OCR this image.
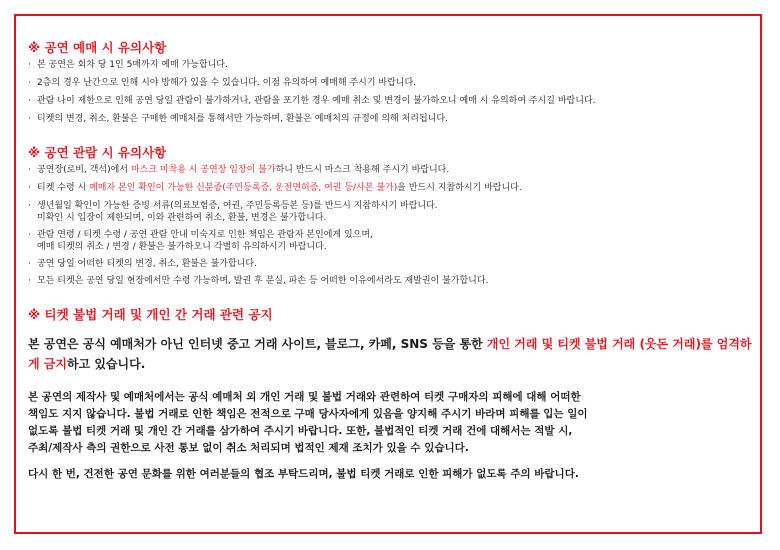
※ 공연 예매 시 유의사항

· 본 공연은 회차 당 1인 5매까지 예매 가능합니다.
· 2층의 경우 난간으로 인해 시야 방해가 있을 수 있습니다. 이점 유의하여 예매해 주시기 바랍니다.
· 관람 나이 제한으로 인해 공연 당일 관람이 불가하거나, 관람을 포기한 경우 예매 취소 및 변경이 불가하오니 예매 시 유의하여 주시길 바랍니다.
· 티켓의 변경, 취소, 환불은 구매한 예매처를 통해서만 가능하며, 환불은 예매처의 규정에 의해 처리됩니다.

※ 공연 관람 시 유의사항

· 공연장(로비, 객석)에서 마스크 미착용 시 공연장 입장이 불가하니 반드시 마스크 착용해 주시기 바랍니다.
· 티켓 수령 시 예매자 본인 확인이 가능한 신분증(주민등록증, 운전면허증, 여권 등/사본 불가)을 반드시 지참하시기 바랍니다.
· 생년월일 확인이 가능한 증빙 서류(의료보험증, 여권, 주민등록등본 등)를 반드시 지참하시기 바랍니다.
미확인 시 입장이 제한되며, 이와 관련하여 취소, 환불, 변경은 불가합니다.
· 관람 연령 / 티켓 수령 / 공연 관람 안내 미숙지로 인한 책임은 관람자 본인에게 있으며,
예매 티켓의 취소 / 변경 / 환불은 불가하오니 각별히 유의하시기 바랍니다.
· 공연 당일 어떠한 티켓의 변경, 취소, 환불은 불가합니다.
· 모든 티켓은 공연 당일 현장에서만 수령 가능하며, 발권 후 분실, 파손 등 어떠한 이유에서라도 재발권이 불가합니다.

※ 티켓 불법 거래 및 개인 간 거래 관련 공지

본 공연은 공식 예매처가 아닌 인터넷 중고 거래 사이트, 블로그, 카페, SNS 등을 통한 개인 거래 및 티켓 불법 거래 (웃돈 거래)를 엄격하게 금지하고 있습니다.

본 공연의 제작사 및 예매처에서는 공식 예매처 외 개인 거래 및 불법 거래와 관련하여 티켓 구매자의 피해에 대해 어떠한
책임도 지지 않습니다. 불법 거래로 인한 책임은 전적으로 구매 당사자에게 있음을 양지해 주시기 바라며 피해를 입는 일이
없도록 불법 티켓 거래 및 개인 간 거래를 삼가하여 주시기 바랍니다. 또한, 불법적인 티켓 거래 건에 대해서는 적발 시,
주최/제작사 측의 권한으로 사전 통보 없이 취소 처리되며 법적인 제재 조치가 있을 수 있습니다.

다시 한 번, 건전한 공연 문화를 위한 여러분들의 협조 부탁드리며, 불법 티켓 거래로 인한 피해가 없도록 주의 바랍니다.
